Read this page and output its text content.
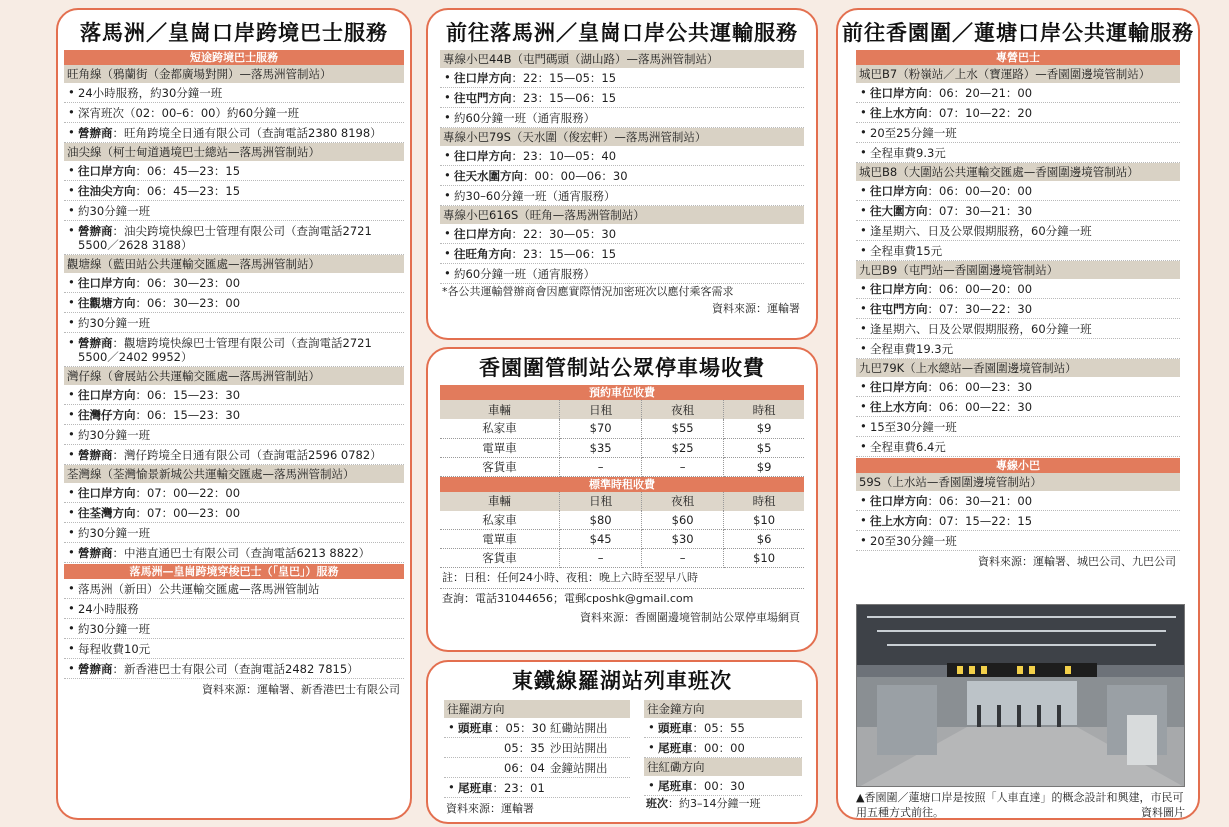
落馬洲／皇崗口岸跨境巴士服務
短途跨境巴士服務
旺角線（鴉蘭街（金都廣場對開）—落馬洲管制站）
• 24小時服務，約30分鐘一班
• 深宵班次（02：00–6：00）約60分鐘一班
• 營辦商：旺角跨境全日通有限公司（查詢電話2380 8198）
油尖線（柯士甸道過境巴士總站—落馬洲管制站）
• 往口岸方向：06：45—23：15
• 往油尖方向：06：45—23：15
• 約30分鐘一班
• 營辦商：油尖跨境快線巴士管理有限公司（查詢電話2721 5500／2628 3188）
觀塘線（藍田站公共運輸交匯處—落馬洲管制站）
• 往口岸方向：06：30—23：00
• 往觀塘方向：06：30—23：00
• 約30分鐘一班
• 營辦商：觀塘跨境快線巴士管理有限公司（查詢電話2721 5500／2402 9952）
灣仔線（會展站公共運輸交匯處—落馬洲管制站）
• 往口岸方向：06：15—23：30
• 往灣仔方向：06：15—23：30
• 約30分鐘一班
• 營辦商：灣仔跨境全日通有限公司（查詢電話2596 0782）
荃灣線（荃灣愉景新城公共運輸交匯處—落馬洲管制站）
• 往口岸方向：07：00—22：00
• 往荃灣方向：07：00—23：00
• 約30分鐘一班
• 營辦商：中港直通巴士有限公司（查詢電話6213 8822）
落馬洲—皇崗跨境穿梭巴士（「皇巴」）服務
• 落馬洲（新田）公共運輸交匯處—落馬洲管制站
• 24小時服務
• 約30分鐘一班
• 每程收費10元
• 營辦商：新香港巴士有限公司（查詢電話2482 7815）
資料來源：運輸署、新香港巴士有限公司
前往落馬洲／皇崗口岸公共運輸服務
專線小巴44B（屯門碼頭（湖山路）—落馬洲管制站）
• 往口岸方向：22：15—05：15
• 往屯門方向：23：15—06：15
• 約60分鐘一班（通宵服務）
專線小巴79S（天水圍（俊宏軒）—落馬洲管制站）
• 往口岸方向：23：10—05：40
• 往天水圍方向：00：00—06：30
• 約30–60分鐘一班（通宵服務）
專線小巴616S（旺角—落馬洲管制站）
• 往口岸方向：22：30—05：30
• 往旺角方向：23：15—06：15
• 約60分鐘一班（通宵服務）
*各公共運輸營辦商會因應實際情況加密班次以應付乘客需求
資料來源：運輸署
香園圍管制站公眾停車場收費
預約車位收費
車輛	日租	夜租	時租
私家車	$70	$55	$9
電單車	$35	$25	$5
客貨車	–	–	$9
標準時租收費
車輛	日租	夜租	時租
私家車	$80	$60	$10
電單車	$45	$30	$6
客貨車	–	–	$10
註：日租：任何24小時、夜租：晚上六時至翌早八時
查詢：電話31044656；電郵cposhk@gmail.com
資料來源：香園圍邊境管制站公眾停車場網頁
東鐵線羅湖站列車班次
往羅湖方向
• 頭班車 ：05：30 紅磡站開出
05：35 沙田站開出
06：04 金鐘站開出
• 尾班車：23：01
資料來源：運輸署
往金鐘方向
• 頭班車：05：55
• 尾班車：00：00
往紅磡方向
• 尾班車：00：30
班次：約3–14分鐘一班
前往香園圍／蓮塘口岸公共運輸服務
專營巴士
城巴B7（粉嶺站／上水（寶運路）—香園圍邊境管制站）
• 往口岸方向：06：20—21：00
• 往上水方向：07：10—22：20
• 20至25分鐘一班
• 全程車費9.3元
城巴B8（大圍站公共運輸交匯處—香園圍邊境管制站）
• 往口岸方向：06：00—20：00
• 往大圍方向：07：30—21：30
• 逢星期六、日及公眾假期服務，60分鐘一班
• 全程車費15元
九巴B9（屯門站—香園圍邊境管制站）
• 往口岸方向：06：00—20：00
• 往屯門方向：07：30—22：30
• 逢星期六、日及公眾假期服務，60分鐘一班
• 全程車費19.3元
九巴79K（上水總站—香園圍邊境管制站）
• 往口岸方向：06：00—23：30
• 往上水方向：06：00—22：30
• 15至30分鐘一班
• 全程車費6.4元
專線小巴
59S（上水站—香園圍邊境管制站）
• 往口岸方向：06：30—21：00
• 往上水方向：07：15—22：15
• 20至30分鐘一班
資料來源：運輸署、城巴公司、九巴公司
▲香園圍／蓮塘口岸是按照「人車直達」的概念設計和興建，市民可用五種方式前往。	資料圖片
